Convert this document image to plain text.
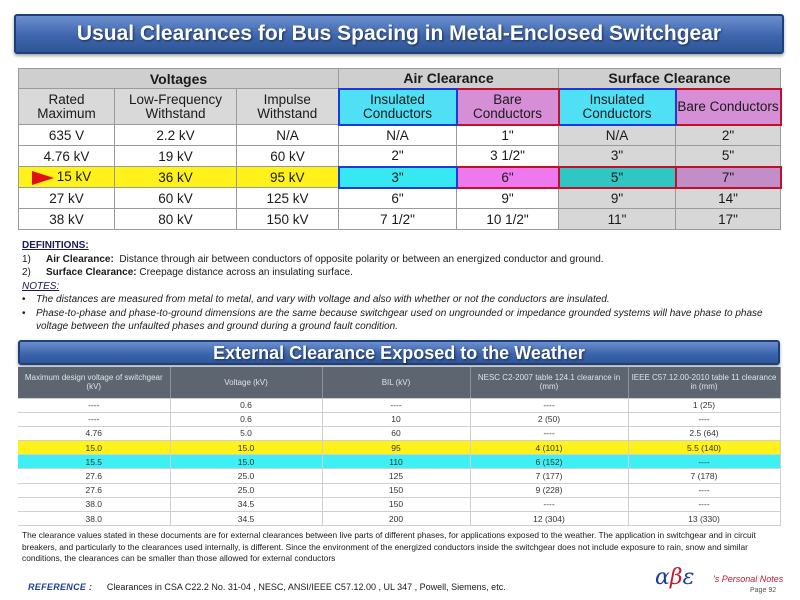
Usual Clearances for Bus Spacing in Metal-Enclosed Switchgear
Voltages			Air Clearance		Surface Clearance	
Rated Maximum	Low-Frequency Withstand	Impulse Withstand	Insulated Conductors	Bare Conductors	Insulated Conductors	Bare Conductors
635 V	2.2 kV	N/A	N/A	1"	N/A	2"
4.76 kV	19 kV	60 kV	2"	3 1/2"	3"	5"
15 kV	36 kV	95 kV	3"	6"	5"	7"
27 kV	60 kV	125 kV	6"	9"	9"	14"
38 kV	80 kV	150 kV	7 1/2"	10 1/2"	11"	17"
DEFINITIONS:
1)	Air Clearance: Distance through air between conductors of opposite polarity or between an energized conductor and ground.
2)	Surface Clearance: Creepage distance across an insulating surface.
NOTES:
•	The distances are measured from metal to metal, and vary with voltage and also with whether or not the conductors are insulated.
•	Phase-to-phase and phase-to-ground dimensions are the same because switchgear used on ungrounded or impedance grounded systems will have phase to phase voltage between the unfaulted phases and ground during a ground fault condition.
External Clearance Exposed to the Weather
Maximum design voltage of switchgear (kV)	Voltage (kV)	BIL (kV)	NESC C2-2007 table 124.1 clearance in (mm)	IEEE C57.12.00-2010 table 11 clearance in (mm)
----	0.6	----	----	1 (25)
----	0.6	10	2 (50)	----
4.76	5.0	60	----	2.5 (64)
15.0	15.0	95	4 (101)	5.5 (140)
15.5	15.0	110	6 (152)	----
27.6	25.0	125	7 (177)	7 (178)
27.6	25.0	150	9 (228)	----
38.0	34.5	150	----	----
38.0	34.5	200	12 (304)	13 (330)
The clearance values stated in these documents are for external clearances between live parts of different phases, for applications exposed to the weather. The application in switchgear and in circuit breakers, and particularly to the clearances used internally, is different. Since the environment of the energized conductors inside the switchgear does not include exposure to rain, snow and similar conditions, the clearances can be smaller than those allowed for external conductors
REFERENCE : Clearances in CSA C22.2 No. 31-04 , NESC, ANSI/IEEE C57.12.00 , UL 347 , Powell, Siemens, etc.	αβε 's Personal Notes
Page 92
